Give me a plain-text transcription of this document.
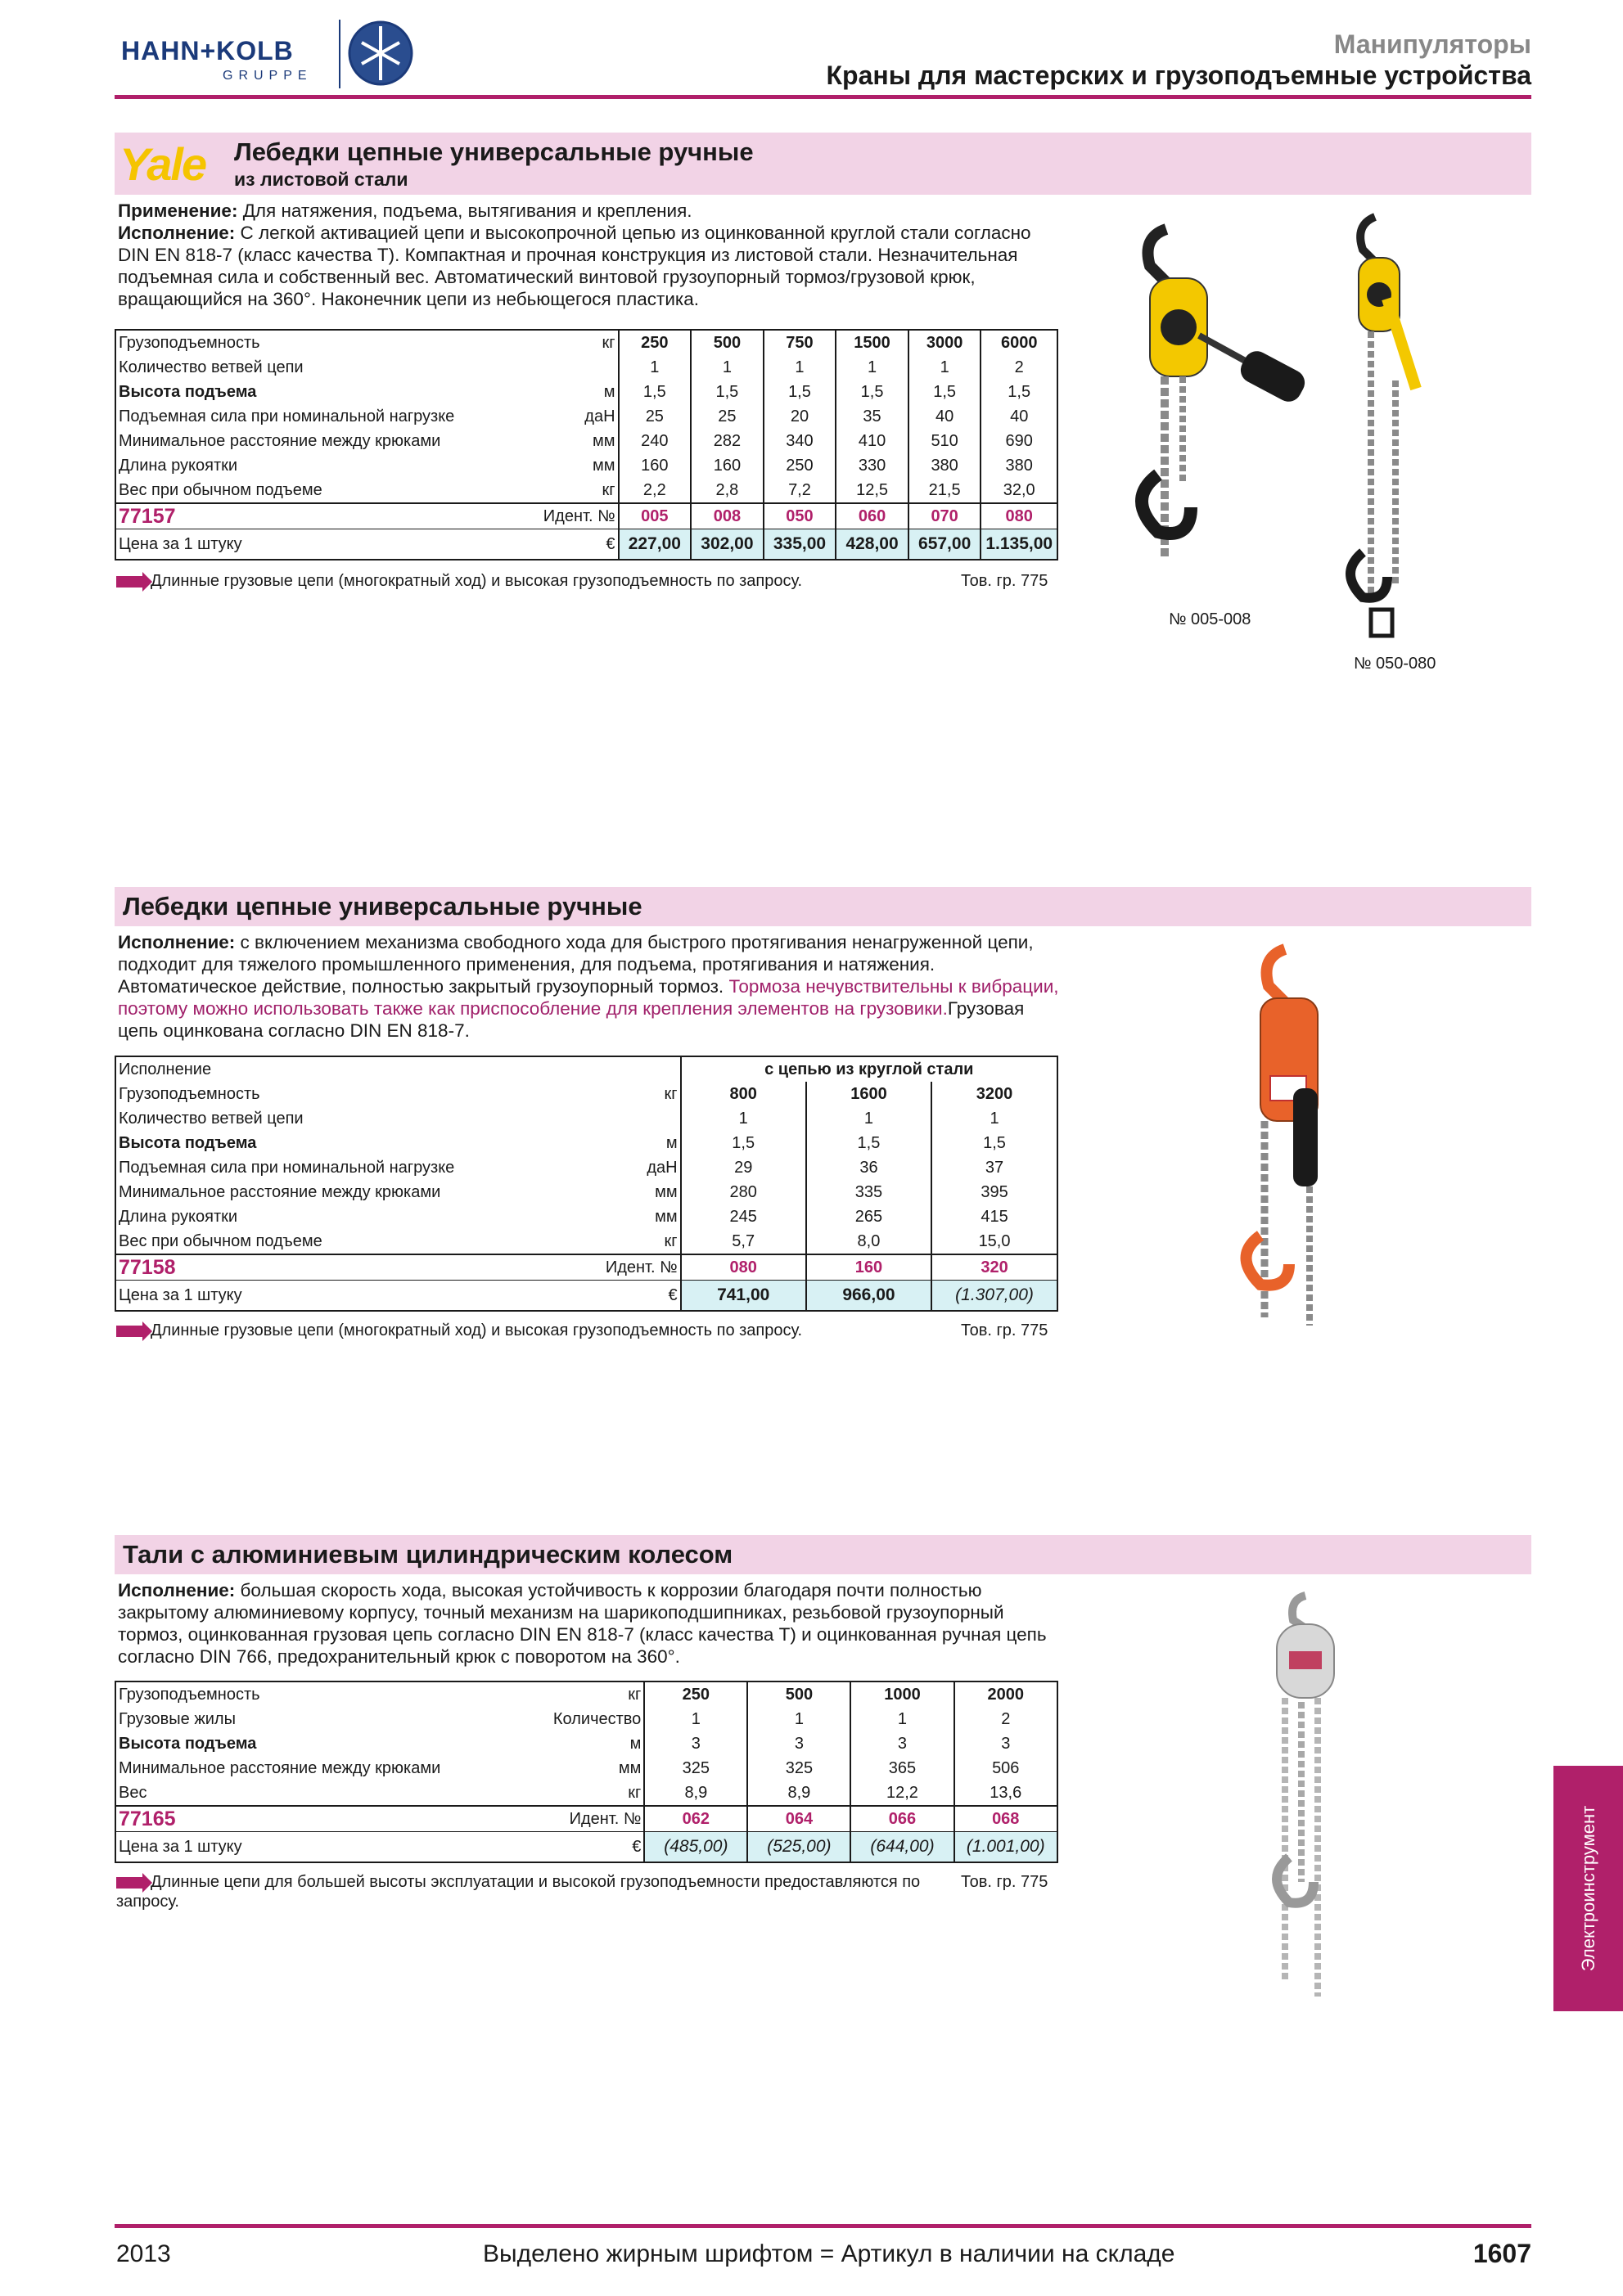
HAHN+KOLB
GRUPPE
Манипуляторы
Краны для мастерских и грузоподъемные устройства
Yale Лебедки цепные универсальные ручные
из листовой стали
Применение: Для натяжения, подъема, вытягивания и крепления.
Исполнение: С легкой активацией цепи и высокопрочной цепью из оцинкованной круглой стали согласно DIN EN 818-7 (класс качества T). Компактная и прочная конструкция из листовой стали. Незначительная подъемная сила и собственный вес. Автоматический винтовой грузоупорный тормоз/грузовой крюк, вращающийся на 360°. Наконечник цепи из небьющегося пластика.
Грузоподъемность	кг	250	500	750	1500	3000	6000
Количество ветвей цепи		1	1	1	1	1	2
Высота подъема	м	1,5	1,5	1,5	1,5	1,5	1,5
Подъемная сила при номинальной нагрузке	даН	25	25	20	35	40	40
Минимальное расстояние между крюками	мм	240	282	340	410	510	690
Длина рукоятки	мм	160	160	250	330	380	380
Вес при обычном подъеме	кг	2,2	2,8	7,2	12,5	21,5	32,0
77157	Идент. №	005	008	050	060	070	080
Цена за 1 штуку	€	227,00	302,00	335,00	428,00	657,00	1.135,00
Длинные грузовые цепи (многократный ход) и высокая грузоподъемность по запросу.	Тов. гр. 775
№ 005-008
№ 050-080
Лебедки цепные универсальные ручные
Исполнение: с включением механизма свободного хода для быстрого протягивания ненагруженной цепи, подходит для тяжелого промышленного применения, для подъема, протягивания и натяжения. Автоматическое действие, полностью закрытый грузоупорный тормоз. Тормоза нечувствительны к вибрации, поэтому можно использовать также как приспособление для крепления элементов на грузовики.Грузовая цепь оцинкована согласно DIN EN 818-7.
Исполнение		с цепью из круглой стали		
Грузоподъемность	кг	800	1600	3200
Количество ветвей цепи		1	1	1
Высота подъема	м	1,5	1,5	1,5
Подъемная сила при номинальной нагрузке	даН	29	36	37
Минимальное расстояние между крюками	мм	280	335	395
Длина рукоятки	мм	245	265	415
Вес при обычном подъеме	кг	5,7	8,0	15,0
77158	Идент. №	080	160	320
Цена за 1 штуку	€	741,00	966,00	(1.307,00)
Длинные грузовые цепи (многократный ход) и высокая грузоподъемность по запросу.	Тов. гр. 775
Тали с алюминиевым цилиндрическим колесом
Исполнение: большая скорость хода, высокая устойчивость к коррозии благодаря почти полностью закрытому алюминиевому корпусу, точный механизм на шарикоподшипниках, резьбовой грузоупорный тормоз, оцинкованная грузовая цепь согласно DIN EN 818-7 (класс качества T) и оцинкованная ручная цепь согласно DIN 766, предохранительный крюк с поворотом на 360°.
Грузоподъемность	кг	250	500	1000	2000
Грузовые жилы	Количество	1	1	1	2
Высота подъема	м	3	3	3	3
Минимальное расстояние между крюками	мм	325	325	365	506
Вес	кг	8,9	8,9	12,2	13,6
77165	Идент. №	062	064	066	068
Цена за 1 штуку	€	(485,00)	(525,00)	(644,00)	(1.001,00)
Длинные цепи для большей высоты эксплуатации и высокой грузоподъемности предоставляются по запросу.
Тов. гр. 775
2013	Выделено жирным шрифтом = Артикул в наличии на складе	1607
Электроинструмент
